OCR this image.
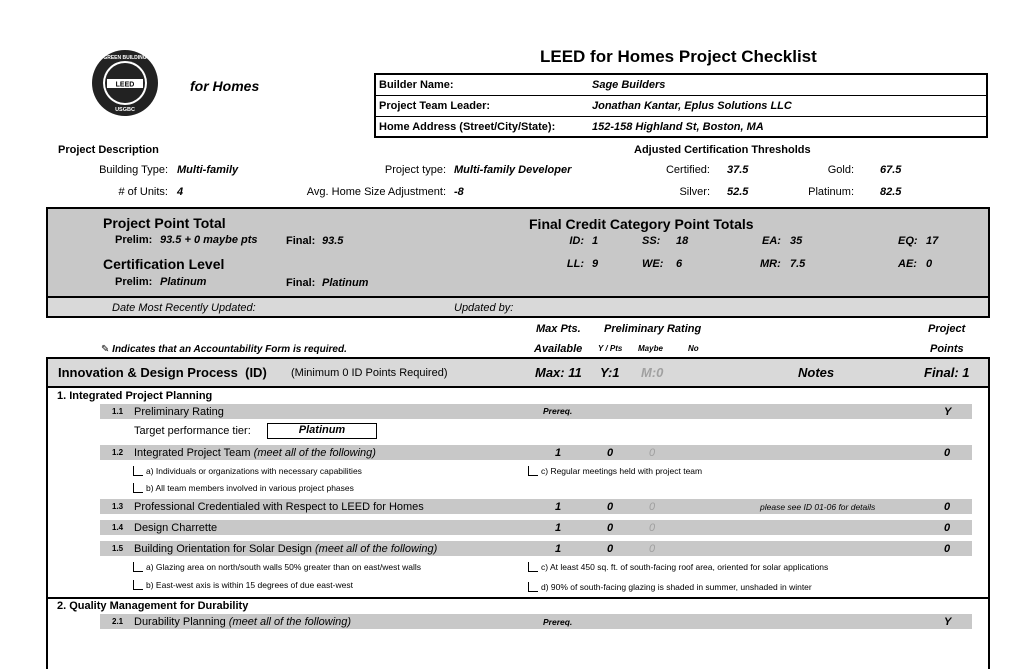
LEED
USGBC
GREEN BUILDING
for Homes
LEED for Homes Project Checklist
Builder Name:	Sage Builders
Project Team Leader:	Jonathan Kantar, Eplus Solutions LLC
Home Address (Street/City/State):	152-158 Highland St, Boston, MA
Project Description
Building Type: Multi-family	Project type: Multi-family Developer
# of Units: 4	Avg. Home Size Adjustment: -8
Adjusted Certification Thresholds
Certified: 37.5	Gold: 67.5
Silver: 52.5	Platinum: 82.5
Project Point Total
Prelim: 93.5 + 0 maybe pts	Final: 93.5
Certification Level
Prelim: Platinum	Final: Platinum
Final Credit Category Point Totals
ID: 1	SS: 18	EA: 35	EQ: 17
LL: 9	WE: 6	MR: 7.5	AE: 0
Date Most Recently Updated:	Updated by:
Max Pts.
Available
Preliminary Rating
Y / Pts Maybe	No
Project
Points
✎ Indicates that an Accountability Form is required.
Innovation & Design Process (ID) (Minimum 0 ID Points Required)	Max: 11 Y:1 M:0	Notes	Final: 1
1. Integrated Project Planning
1.1 Preliminary Rating	Prereq.	Y
Target performance tier:	Platinum
1.2 Integrated Project Team (meet all of the following)	1	0	0	0
a) Individuals or organizations with necessary capabilities	c) Regular meetings held with project team
b) All team members involved in various project phases
1.3 Professional Credentialed with Respect to LEED for Homes	1	0	0	please see ID 01-06 for details	0
1.4 Design Charrette	1	0	0	0
1.5 Building Orientation for Solar Design (meet all of the following)	1	0	0	0
a) Glazing area on north/south walls 50% greater than on east/west walls	c) At least 450 sq. ft. of south-facing roof area, oriented for solar applications
b) East-west axis is within 15 degrees of due east-west	d) 90% of south-facing glazing is shaded in summer, unshaded in winter
2. Quality Management for Durability
2.1 Durability Planning (meet all of the following)	Prereq.	Y
